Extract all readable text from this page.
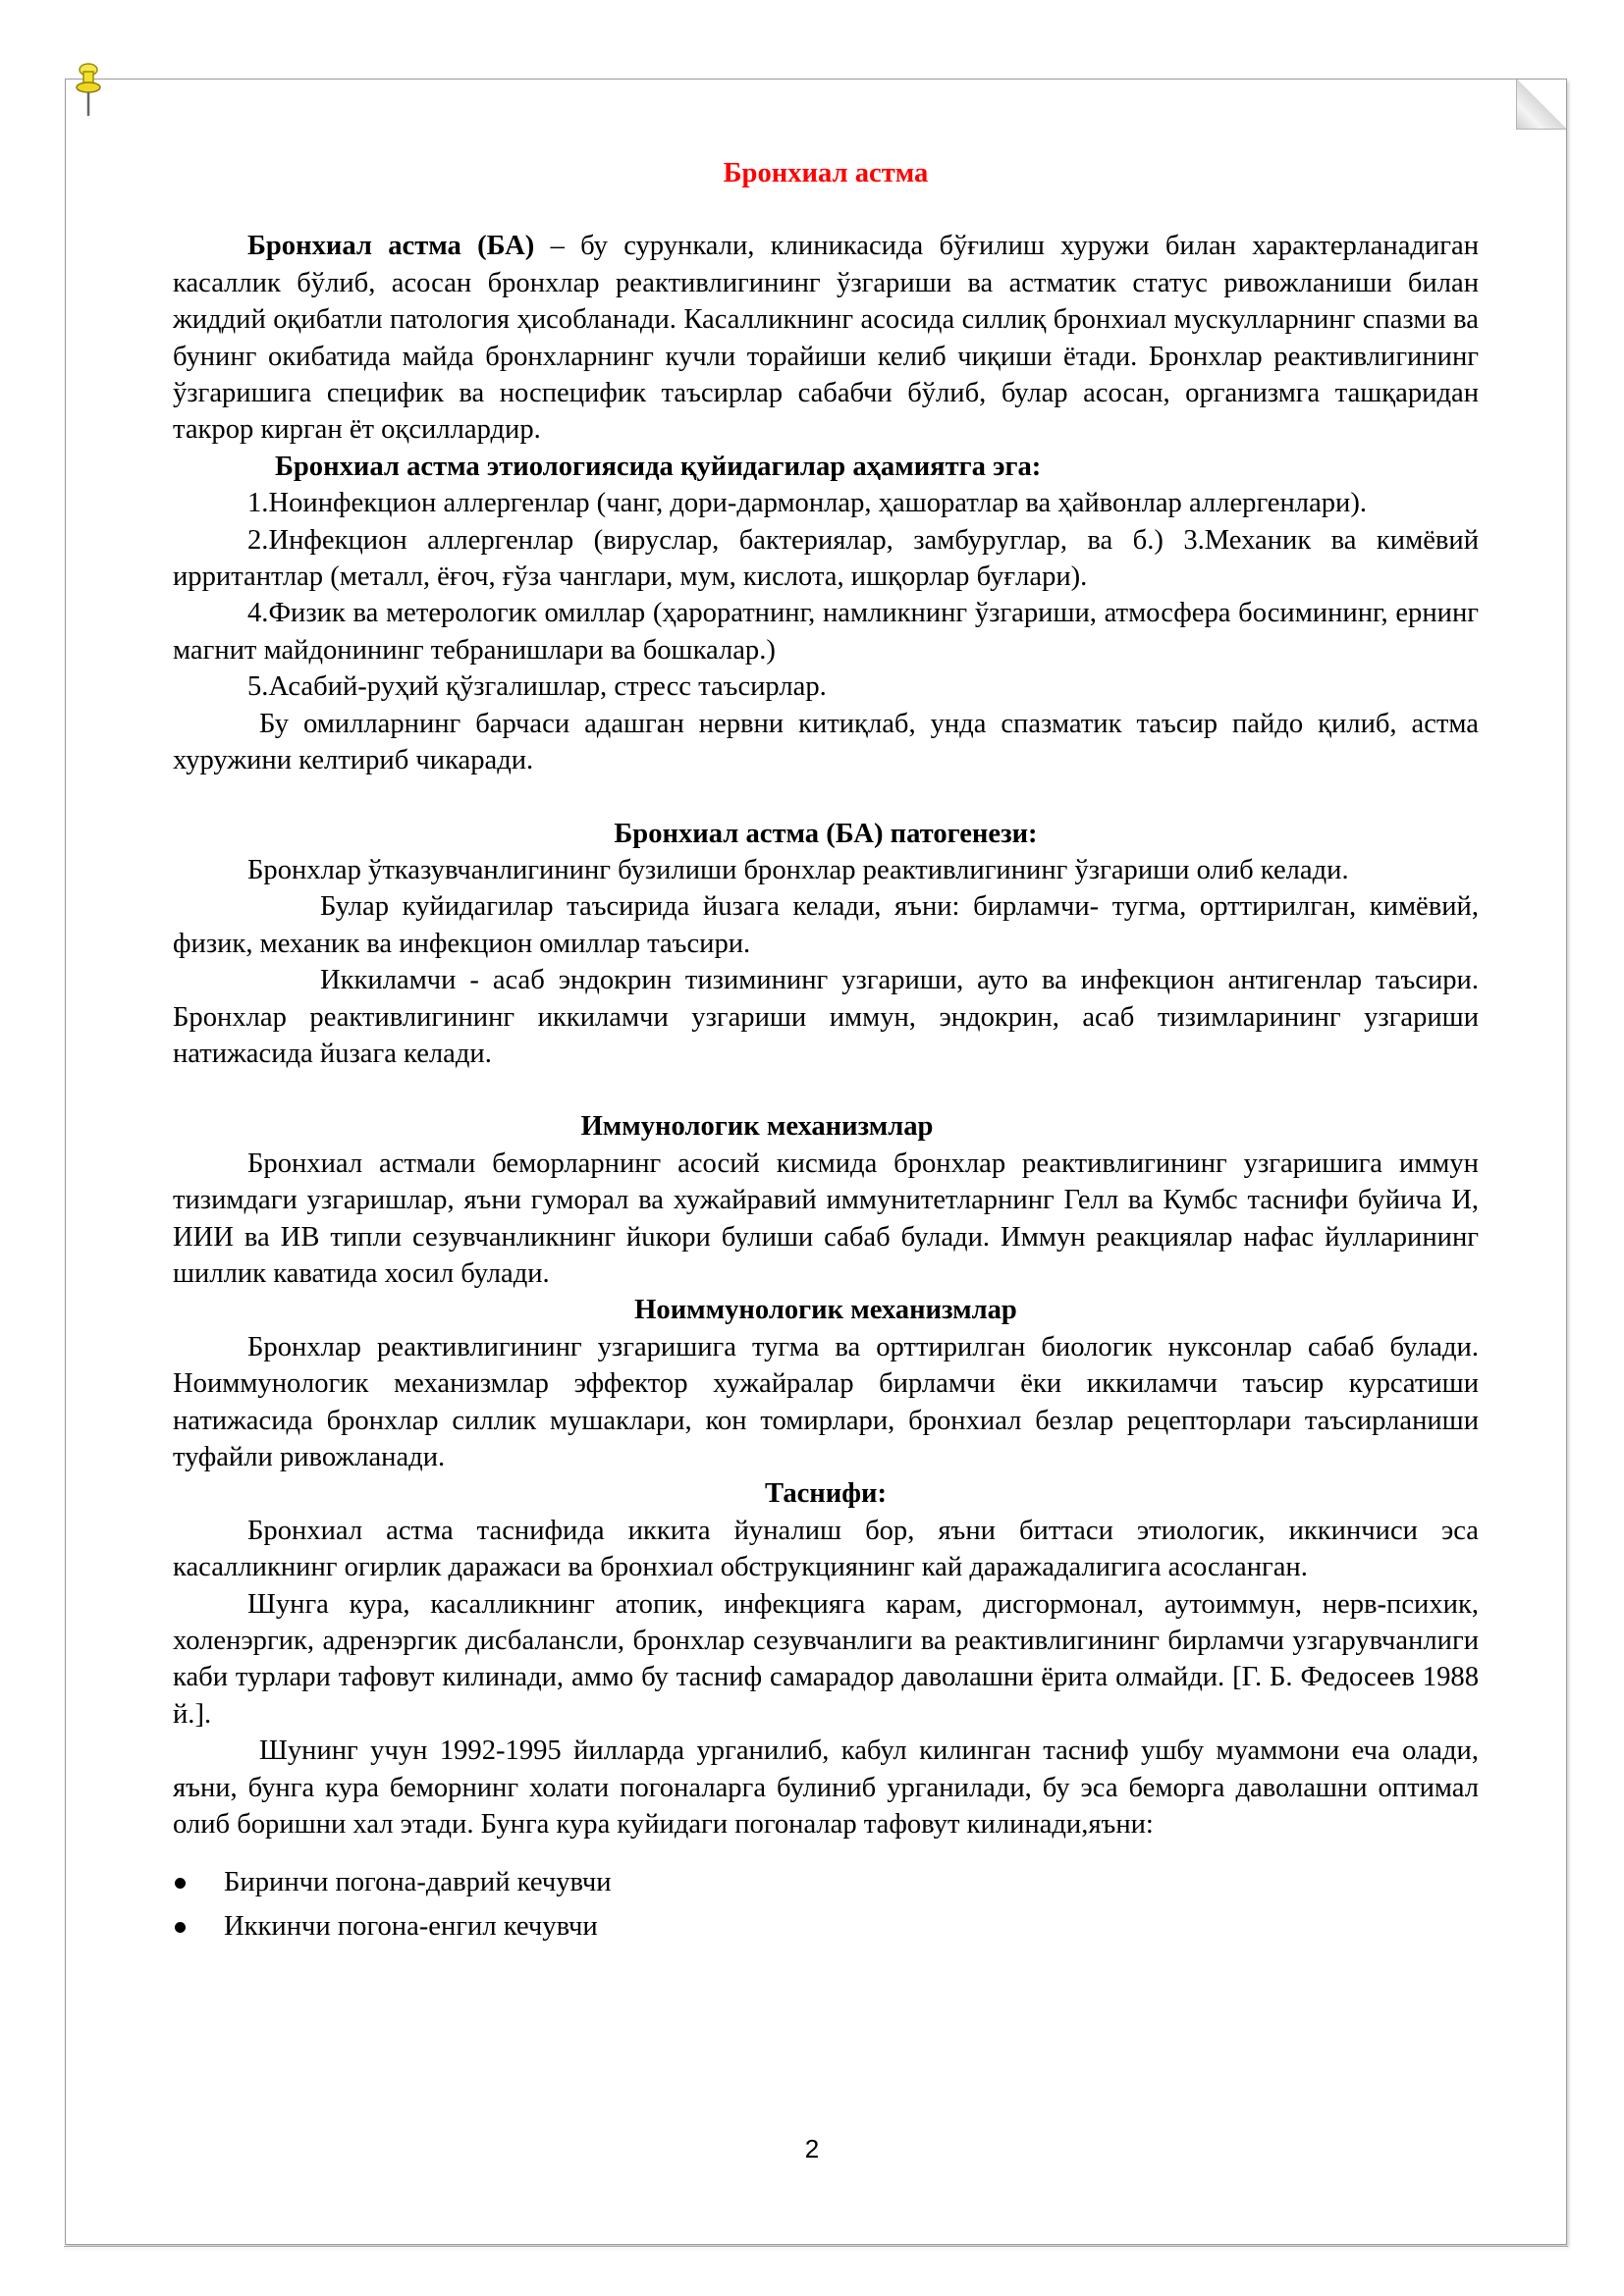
Бронхиал астма

Бронхиал астма (БА) – бу сурункали, клиникасида бўғилиш хуружи билан характерланадиган касаллик бўлиб, асосан бронхлар реактивлигининг ўзгариши ва астматик статус ривожланиши билан жиддий оқибатли патология ҳисобланади. Касалликнинг асосида силлиқ бронхиал мускулларнинг спазми ва бунинг окибатида майда бронхларнинг кучли торайиши келиб чиқиши ётади. Бронхлар реактивлигининг ўзгаришига специфик ва носпецифик таъсирлар сабабчи бўлиб, булар асосан, организмга ташқаридан такрор кирган ёт оқсиллардир.

Бронхиал астма этиологиясида қуйидагилар аҳамиятга эга:

1.Ноинфекцион аллергенлар (чанг, дори-дармонлар, ҳашоратлар ва ҳайвонлар аллергенлари).

2.Инфекцион аллергенлар (вируслар, бактериялар, замбуруглар, ва б.) 3.Механик ва кимёвий ирритантлар (металл, ёғоч, ғўза чанглари, мум, кислота, ишқорлар буғлари).

4.Физик ва метерологик омиллар (ҳароратнинг, намликнинг ўзгариши, атмосфера босимининг, ернинг магнит майдонининг тебранишлари ва бошкалар.)

5.Асабий-руҳий қўзгалишлар, стресс таъсирлар.

Бу омилларнинг барчаси адашган нервни китиқлаб, унда спазматик таъсир пайдо қилиб, астма хуружини келтириб чикаради.

Бронхиал астма (БА) патогенези:

Бронхлар ўтказувчанлигининг бузилиши бронхлар реактивлигининг ўзгариши олиб келади.

Булар куйидагилар таъсирида йuзага келади, яъни: бирламчи- тугма, орттирилган, кимёвий, физик, механик ва инфекцион омиллар таъсири.

Иккиламчи - асаб эндокрин тизимининг узгариши, ауто ва инфекцион антигенлар таъсири. Бронхлар реактивлигининг иккиламчи узгариши иммун, эндокрин, асаб тизимларининг узгариши натижасида йuзага келади.

Иммунологик механизмлар

Бронхиал астмали беморларнинг асосий кисмида бронхлар реактивлигининг узгаришига иммун тизимдаги узгаришлар, яъни гуморал ва хужайравий иммунитетларнинг Гелл ва Кумбс таснифи буйича И, ИИИ ва ИВ типли сезувчанликнинг йuкори булиши сабаб булади. Иммун реакциялар нафас йулларининг шиллик каватида хосил булади.

Ноиммунологик механизмлар

Бронхлар реактивлигининг узгаришига тугма ва орттирилган биологик нуксонлар сабаб булади. Ноиммунологик механизмлар эффектор хужайралар бирламчи ёки иккиламчи таъсир курсатиши натижасида бронхлар силлик мушаклари, кон томирлари, бронхиал безлар рецепторлари таъсирланиши туфайли ривожланади.

Таснифи:

Бронхиал астма таснифида иккита йуналиш бор, яъни биттаси этиологик, иккинчиси эса касалликнинг огирлик даражаси ва бронхиал обструкциянинг кай даражадалигига асосланган.

Шунга кура, касалликнинг атопик, инфекцияга карам, дисгормонал, аутоиммун, нерв-психик, холенэргик, адренэргик дисбалансли, бронхлар сезувчанлиги ва реактивлигининг бирламчи узгарувчанлиги каби турлари тафовут килинади, аммо бу тасниф самарадор даволашни ёрита олмайди. [Г. Б. Федосеев 1988 й.].

Шунинг учун 1992-1995 йилларда урганилиб, кабул килинган тасниф ушбу муаммони еча олади, яъни, бунга кура беморнинг холати погоналарга булиниб урганилади, бу эса беморга даволашни оптимал олиб боришни хал этади. Бунга кура куйидаги погоналар тафовут килинади,яъни:

Биринчи погона-даврий кечувчи
Иккинчи погона-енгил кечувчи
2
